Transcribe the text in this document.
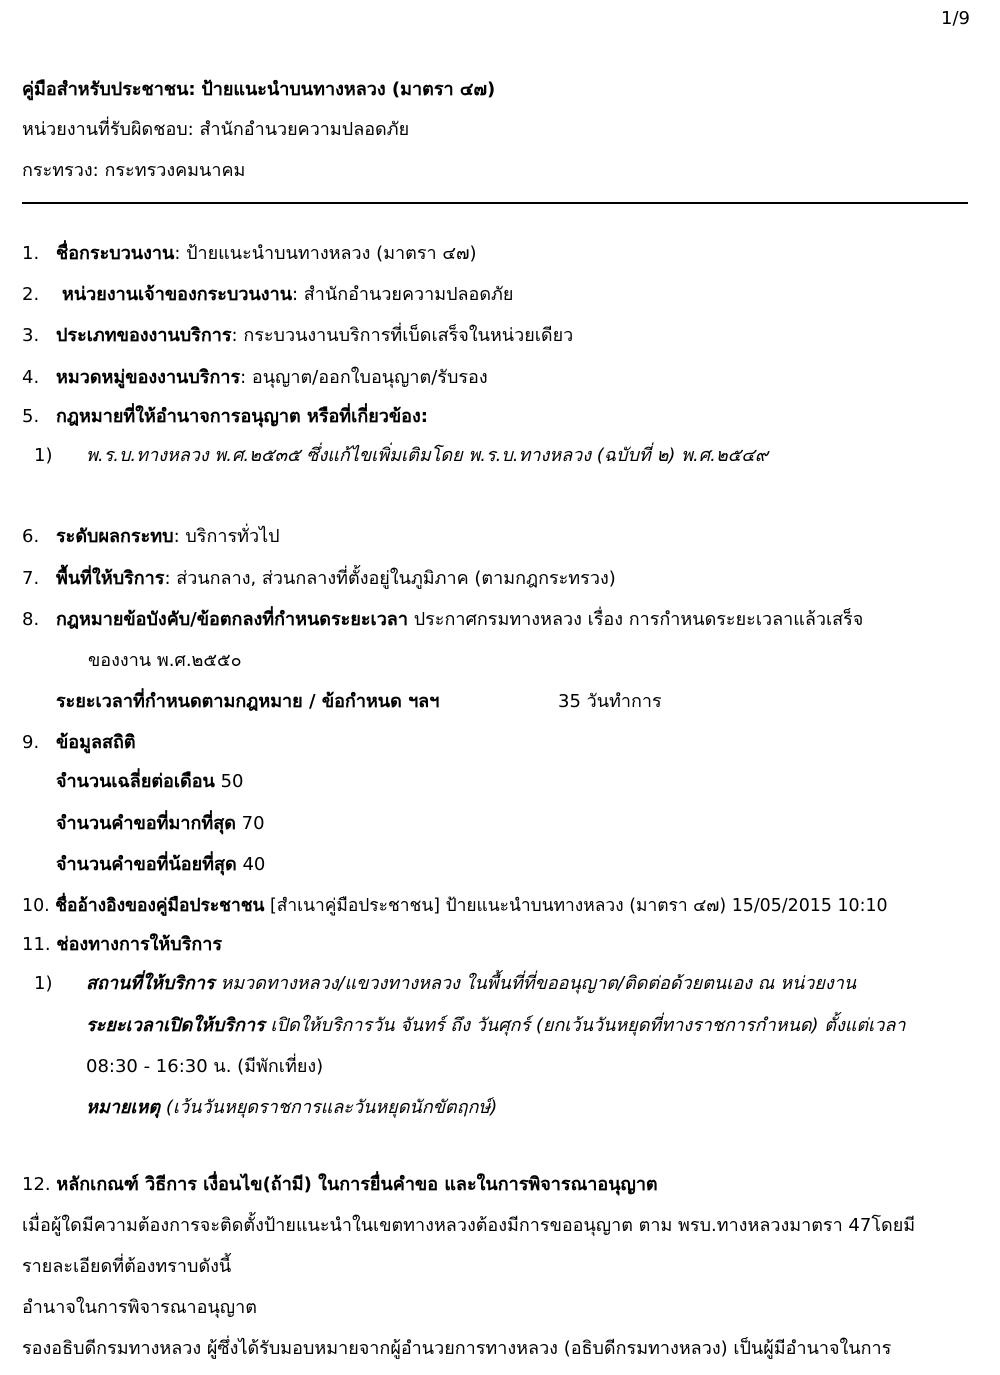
1/9
คู่มือสำหรับประชาชน: ป้ายแนะนำบนทางหลวง (มาตรา ๔๗)
หน่วยงานที่รับผิดชอบ: สำนักอำนวยความปลอดภัย
กระทรวง: กระทรวงคมนาคม
1. ชื่อกระบวนงาน: ป้ายแนะนำบนทางหลวง (มาตรา ๔๗)
2. หน่วยงานเจ้าของกระบวนงาน: สำนักอำนวยความปลอดภัย
3. ประเภทของงานบริการ: กระบวนงานบริการที่เบ็ดเสร็จในหน่วยเดียว
4. หมวดหมู่ของงานบริการ: อนุญาต/ออกใบอนุญาต/รับรอง
5. กฎหมายที่ให้อำนาจการอนุญาต หรือที่เกี่ยวข้อง:
1) พ.ร.บ.ทางหลวง พ.ศ.๒๕๓๕ ซึ่งแก้ไขเพิ่มเติมโดย พ.ร.บ.ทางหลวง (ฉบับที่ ๒) พ.ศ.๒๕๔๙
6. ระดับผลกระทบ: บริการทั่วไป
7. พื้นที่ให้บริการ: ส่วนกลาง, ส่วนกลางที่ตั้งอยู่ในภูมิภาค (ตามกฎกระทรวง)
8. กฎหมายข้อบังคับ/ข้อตกลงที่กำหนดระยะเวลา ประกาศกรมทางหลวง เรื่อง การกำหนดระยะเวลาแล้วเสร็จ
ของงาน พ.ศ.๒๕๕๐
ระยะเวลาที่กำหนดตามกฎหมาย / ข้อกำหนด ฯลฯ	35 วันทำการ
9. ข้อมูลสถิติ
จำนวนเฉลี่ยต่อเดือน 50
จำนวนคำขอที่มากที่สุด 70
จำนวนคำขอที่น้อยที่สุด 40
10. ชื่ออ้างอิงของคู่มือประชาชน [สำเนาคู่มือประชาชน] ป้ายแนะนำบนทางหลวง (มาตรา ๔๗) 15/05/2015 10:10
11. ช่องทางการให้บริการ
1) สถานที่ให้บริการ หมวดทางหลวง/แขวงทางหลวง ในพื้นที่ที่ขออนุญาต/ติดต่อด้วยตนเอง ณ หน่วยงาน
ระยะเวลาเปิดให้บริการ เปิดให้บริการวัน จันทร์ ถึง วันศุกร์ (ยกเว้นวันหยุดที่ทางราชการกำหนด) ตั้งแต่เวลา
08:30 - 16:30 น. (มีพักเที่ยง)
หมายเหตุ (เว้นวันหยุดราชการและวันหยุดนักขัตฤกษ์)
12. หลักเกณฑ์ วิธีการ เงื่อนไข(ถ้ามี) ในการยื่นคำขอ และในการพิจารณาอนุญาต
เมื่อผู้ใดมีความต้องการจะติดตั้งป้ายแนะนำในเขตทางหลวงต้องมีการขออนุญาต ตาม พรบ.ทางหลวงมาตรา 47โดยมี
รายละเอียดที่ต้องทราบดังนี้
อำนาจในการพิจารณาอนุญาต
รองอธิบดีกรมทางหลวง ผู้ซึ่งได้รับมอบหมายจากผู้อำนวยการทางหลวง (อธิบดีกรมทางหลวง) เป็นผู้มีอำนาจในการ
